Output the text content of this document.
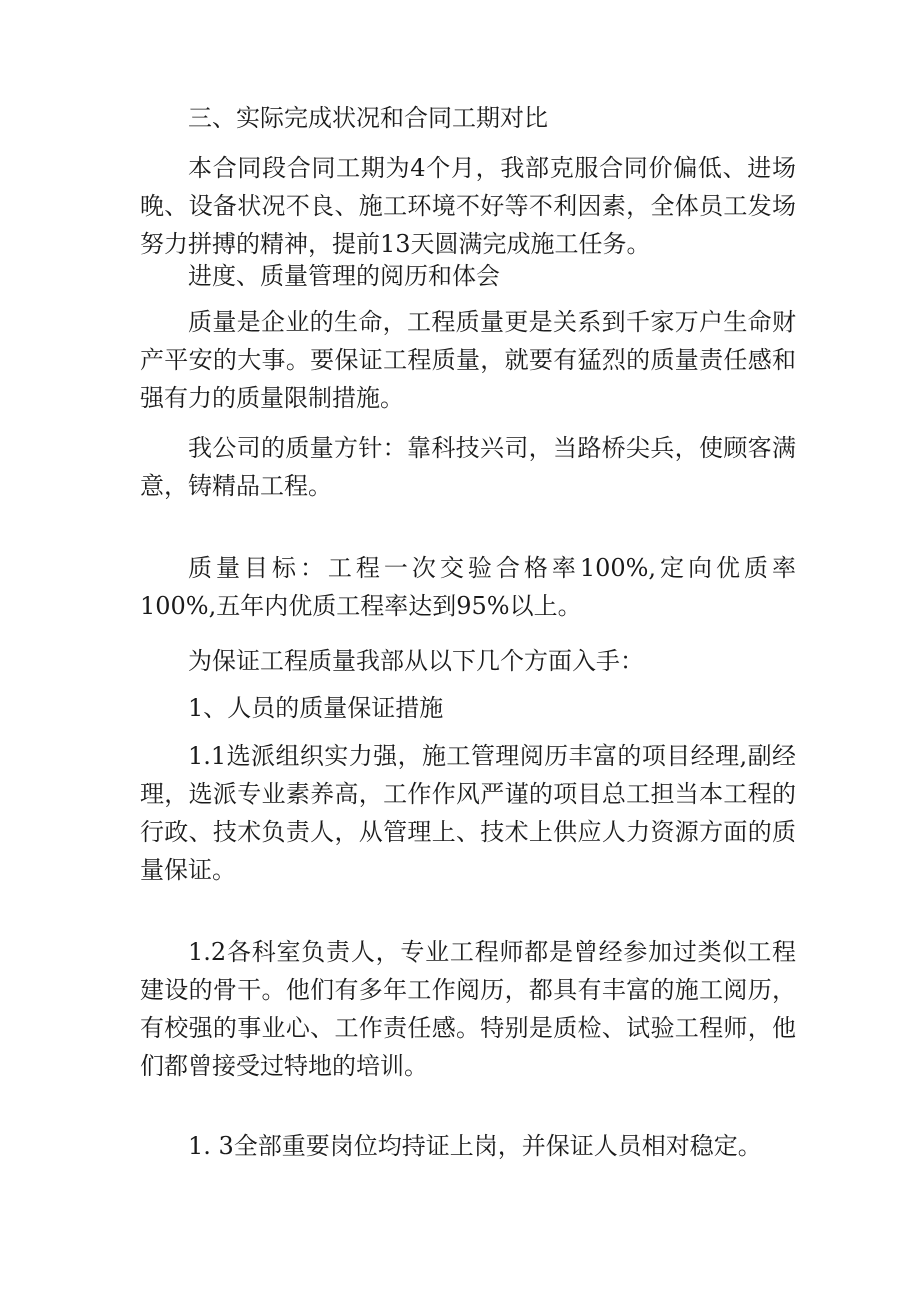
三、实际完成状况和合同工期对比

本合同段合同工期为4个月，我部克服合同价偏低、进场晚、设备状况不良、施工环境不好等不利因素，全体员工发场努力拼搏的精神，提前13天圆满完成施工任务。

进度、质量管理的阅历和体会

质量是企业的生命，工程质量更是关系到千家万户生命财产平安的大事。要保证工程质量，就要有猛烈的质量责任感和强有力的质量限制措施。

我公司的质量方针：靠科技兴司，当路桥尖兵，使顾客满意，铸精品工程。

质量目标：工程一次交验合格率100%,定向优质率100%,五年内优质工程率达到95%以上。

为保证工程质量我部从以下几个方面入手：

1、人员的质量保证措施

1.1选派组织实力强，施工管理阅历丰富的项目经理,副经理，选派专业素养高，工作作风严谨的项目总工担当本工程的行政、技术负责人，从管理上、技术上供应人力资源方面的质量保证。

1.2各科室负责人，专业工程师都是曾经参加过类似工程建设的骨干。他们有多年工作阅历，都具有丰富的施工阅历，有校强的事业心、工作责任感。特别是质检、试验工程师，他们都曾接受过特地的培训。

1. 3全部重要岗位均持证上岗，并保证人员相对稳定。
